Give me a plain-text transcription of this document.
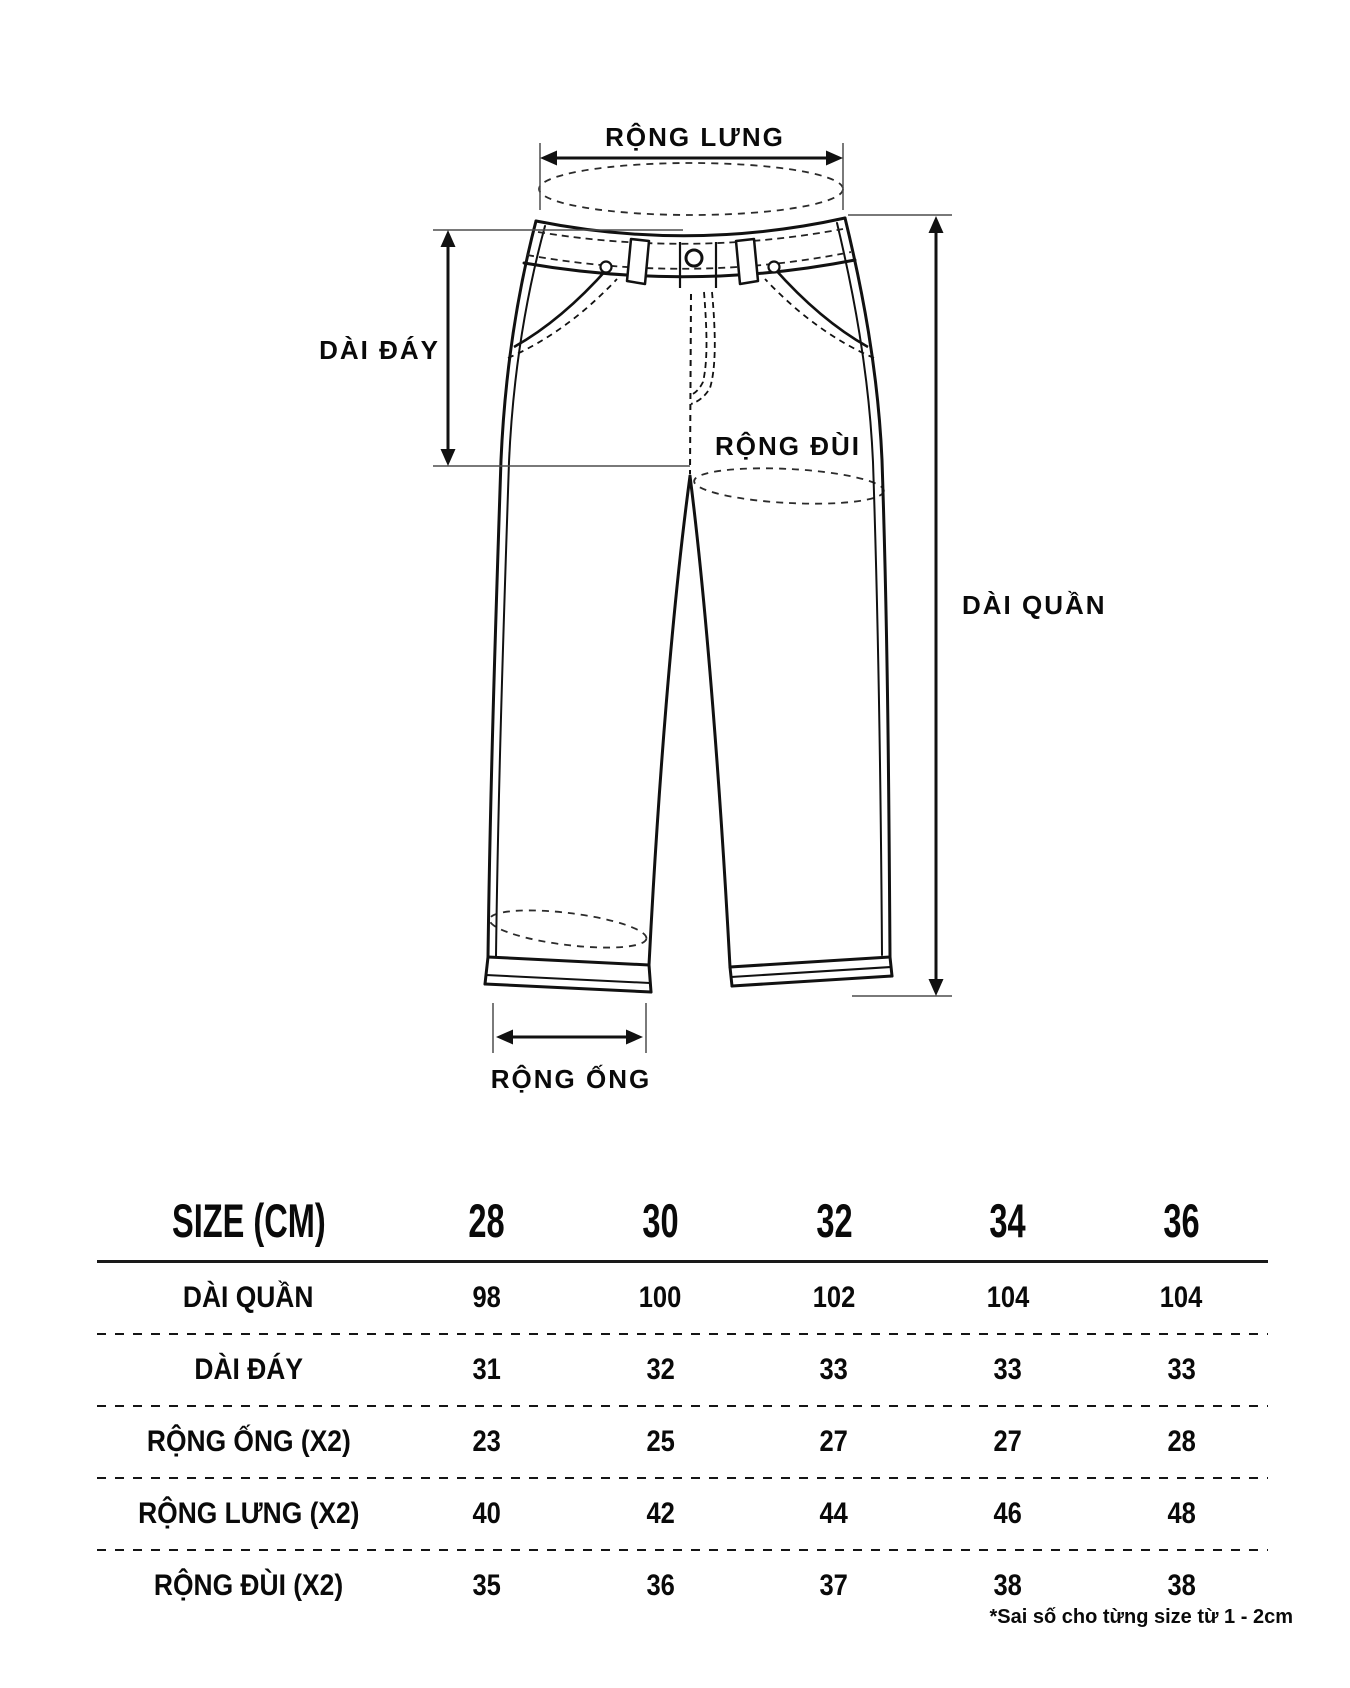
RỘNG LƯNG
DÀI ĐÁY
RỘNG ĐÙI
DÀI QUẦN
RỘNG ỐNG
SIZE (CM)	28	30	32	34	36
DÀI QUẦN	98	100	102	104	104
DÀI ĐÁY	31	32	33	33	33
RỘNG ỐNG (X2)	23	25	27	27	28
RỘNG LƯNG (X2)	40	42	44	46	48
RỘNG ĐÙI (X2)	35	36	37	38	38
*Sai số cho từng size từ 1 - 2cm
